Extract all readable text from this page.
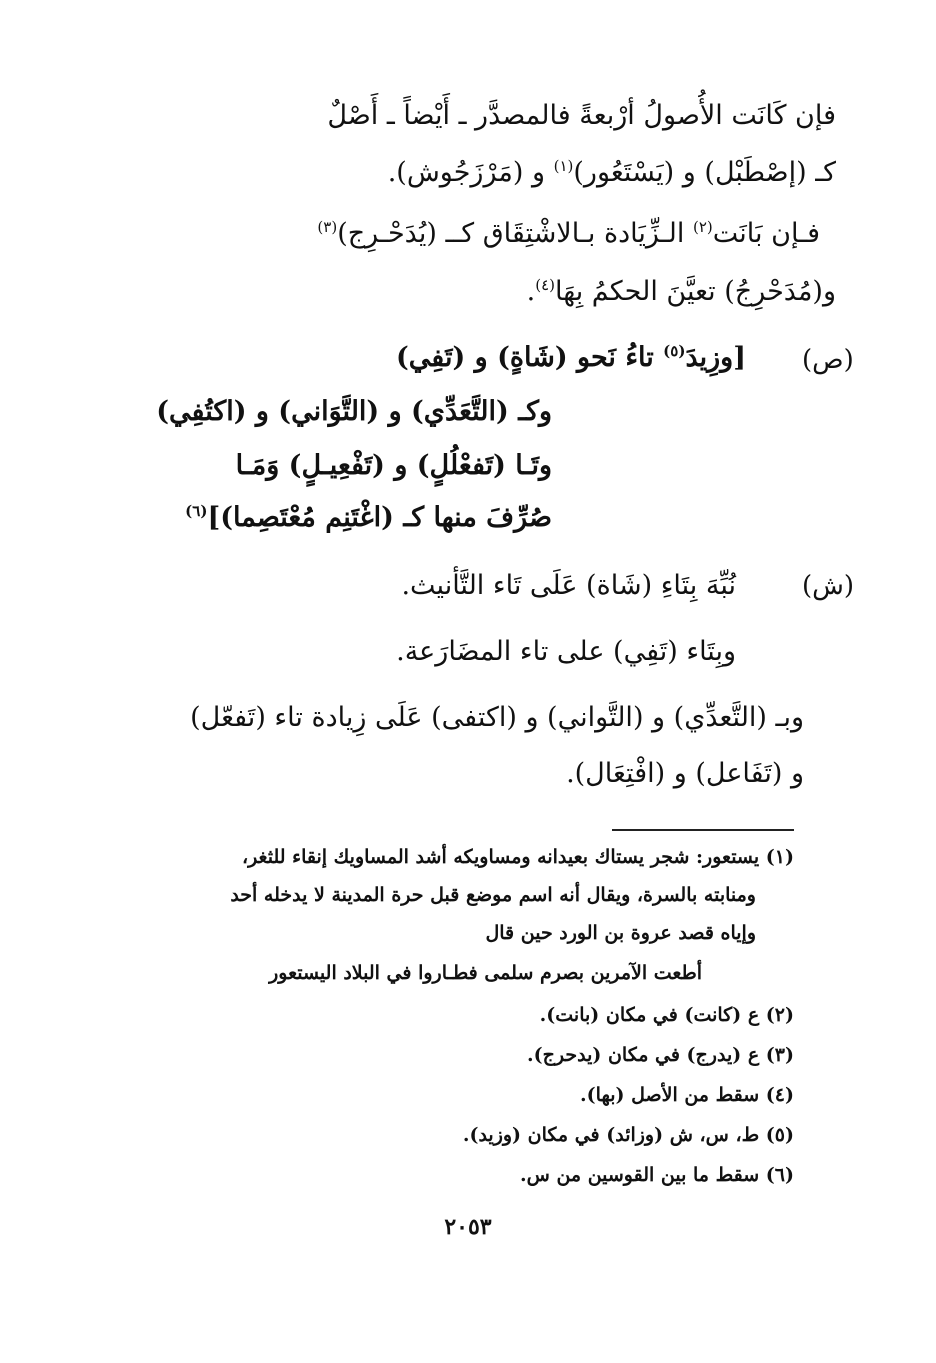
فإن كَانَت الأُصولُ أرْبعةً فالمصدَّر ـ أَيْضاً ـ أَصْلٌ
كـ (إصْطَبْل) و (يَسْتَعُور)$^{(١)}$ و (مَرْزَجُوش).
فـإن بَانَت$^{(٢)}$ الـزِّيَادة بـالاشْتِقَاق كــ (يُدَحْـرِج)$^{(٣)}$
و(مُدَحْرِجُ) تعيَّنَ الحكمُ بِهَا$^{(٤)}$.
(ص)
[وزِيدَ$^{(٥)}$ تاءُ نَحو (شَاةٍ) و (تَفِي)
وكـ (التَّعَدِّي) و (التَّوَاني) و (اكتُفِي)
وتَـا (تَفعْلُلٍ) و (تَفْعِيـلٍ) وَمَـا
صُرِّفَ منها كـ (اغْتَنِم مُعْتَصِما)]$^{(٦)}$
(ش)
نُبِّهَ بِتَاءِ (شَاة) عَلَى تَاء التَّأنيث.
وبِتَاء (تَفِي) على تاء المضَارَعة.
وبـ (التَّعدِّي) و (التَّواني) و (اكتفى) عَلَى زِيادة تاء (تَفعّل)
و (تَفَاعل) و (افْتِعَال).
(١) يستعور: شجر يستاك بعيدانه ومساويكه أشد المساويك إنقاء للثغر،
ومنابته بالسرة، ويقال أنه اسم موضع قبل حرة المدينة لا يدخله أحد
وإياه قصد عروة بن الورد حين قال
أطعت الآمرين بصرم سلمى فطـاروا في البلاد اليستعور
(٢) ع (كانت) في مكان (بانت).
(٣) ع (يدرج) في مكان (يدحرج).
(٤) سقط من الأصل (بها).
(٥) ط، س، ش (وزائد) في مكان (وزيد).
(٦) سقط ما بين القوسين من س.
٢٠٥٣
